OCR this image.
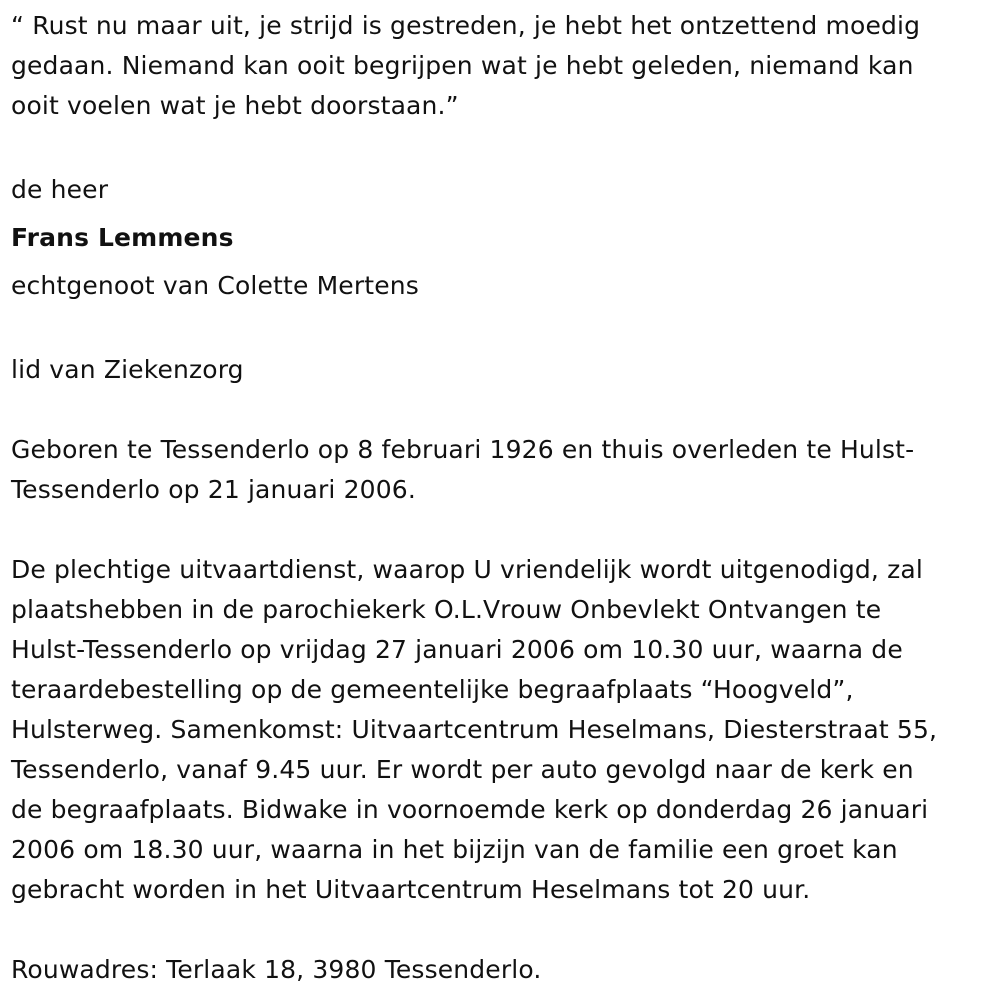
“ Rust nu maar uit, je strijd is gestreden, je hebt het ontzettend moedig
gedaan. Niemand kan ooit begrijpen wat je hebt geleden, niemand kan
ooit voelen wat je hebt doorstaan.”
de heer
Frans Lemmens
echtgenoot van Colette Mertens
lid van Ziekenzorg
Geboren te Tessenderlo op 8 februari 1926 en thuis overleden te Hulst-
Tessenderlo op 21 januari 2006.
De plechtige uitvaartdienst, waarop U vriendelijk wordt uitgenodigd, zal
plaatshebben in de parochiekerk O.L.Vrouw Onbevlekt Ontvangen te
Hulst-Tessenderlo op vrijdag 27 januari 2006 om 10.30 uur, waarna de
teraardebestelling op de gemeentelijke begraafplaats “Hoogveld”,
Hulsterweg. Samenkomst: Uitvaartcentrum Heselmans, Diesterstraat 55,
Tessenderlo, vanaf 9.45 uur. Er wordt per auto gevolgd naar de kerk en
de begraafplaats. Bidwake in voornoemde kerk op donderdag 26 januari
2006 om 18.30 uur, waarna in het bijzijn van de familie een groet kan
gebracht worden in het Uitvaartcentrum Heselmans tot 20 uur.
Rouwadres: Terlaak 18, 3980 Tessenderlo.
